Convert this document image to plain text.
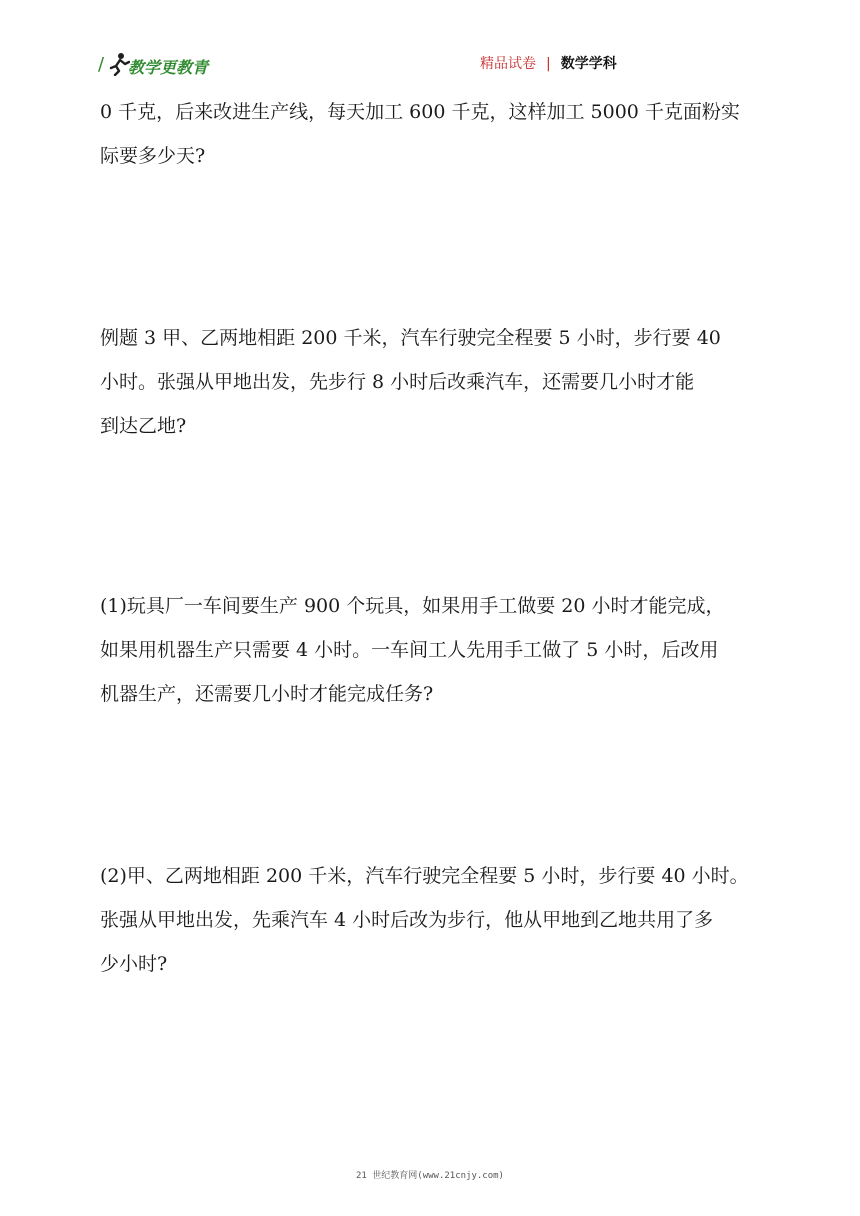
/ 教学更教青	精品试卷 | 数学学科
0 千克，后来改进生产线，每天加工 600 千克，这样加工 5000 千克面粉实
际要多少天?
例题 3 甲、乙两地相距 200 千米，汽车行驶完全程要 5 小时，步行要 40
小时。张强从甲地出发，先步行 8 小时后改乘汽车，还需要几小时才能
到达乙地?
(1)玩具厂一车间要生产 900 个玩具，如果用手工做要 20 小时才能完成，
如果用机器生产只需要 4 小时。一车间工人先用手工做了 5 小时，后改用
机器生产，还需要几小时才能完成任务?
(2)甲、乙两地相距 200 千米，汽车行驶完全程要 5 小时，步行要 40 小时。
张强从甲地出发，先乘汽车 4 小时后改为步行，他从甲地到乙地共用了多
少小时?
21 世纪教育网(www.21cnjy.com)
